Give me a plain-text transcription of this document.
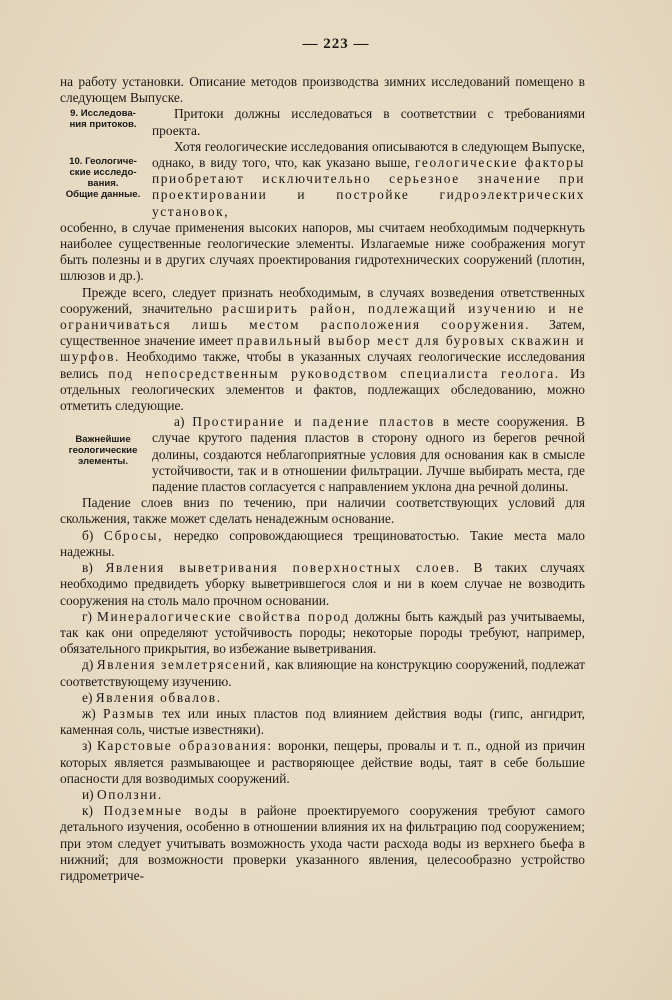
— 223 —
9. Исследова-
ния притоков.
10. Геологиче-
ские исследо-
вания.
Общие данные.
Важнейшие
геологические
элементы.

на работу установки. Описание методов производства зимних исследований помещено в следующем Выпуске.

Притоки должны исследоваться в соответствии с требованиями проекта.

Хотя геологические исследования описываются в следующем Выпуске, однако, в виду того, что, как указано выше, геологические факторы приобретают исключительно серьезное значение при проектировании и постройке гидроэлектрических установок,

особенно, в случае применения высоких напоров, мы считаем необходимым подчеркнуть наиболее существенные геологические элементы. Излагаемые ниже соображения могут быть полезны и в других случаях проектирования гидротехнических сооружений (плотин, шлюзов и др.).

Прежде всего, следует признать необходимым, в случаях возведения ответственных сооружений, значительно расширить район, подлежащий изучению и не ограничиваться лишь местом расположения сооружения. Затем, существенное значение имеет правильный выбор мест для буровых скважин и шурфов. Необходимо также, чтобы в указанных случаях геологические исследования велись под непосредственным руководством специалиста геолога. Из отдельных геологических элементов и фактов, подлежащих обследованию, можно отметить следующие.

а) Простирание и падение пластов в месте сооружения. В случае крутого падения пластов в сторону одного из берегов речной долины, создаются неблагоприятные условия для основания как в смысле устойчивости, так и в отношении фильтрации. Лучше выбирать места, где падение пластов согласуется с направлением уклона дна речной долины.

Падение слоев вниз по течению, при наличии соответствующих условий для скольжения, также может сделать ненадежным основание.

б) Сбросы, нередко сопровождающиеся трещиноватостью. Такие места мало надежны.

в) Явления выветривания поверхностных слоев. В таких случаях необходимо предвидеть уборку выветрившегося слоя и ни в коем случае не возводить сооружения на столь мало прочном основании.

г) Минералогические свойства пород должны быть каждый раз учитываемы, так как они определяют устойчивость породы; некоторые породы требуют, например, обязательного прикрытия, во избежание выветривания.

д) Явления землетрясений, как влияющие на конструкцию сооружений, подлежат соответствующему изучению.

е) Явления обвалов.

ж) Размыв тех или иных пластов под влиянием действия воды (гипс, ангидрит, каменная соль, чистые известняки).

з) Карстовые образования: воронки, пещеры, провалы и т. п., одной из причин которых является размывающее и растворяющее действие воды, таят в себе большие опасности для возводимых сооружений.

и) Оползни.

к) Подземные воды в районе проектируемого сооружения требуют самого детального изучения, особенно в отношении влияния их на фильтрацию под сооружением; при этом следует учитывать возможность ухода части расхода воды из верхнего бьефа в нижний; для возможности проверки указанного явления, целесообразно устройство гидрометриче-
